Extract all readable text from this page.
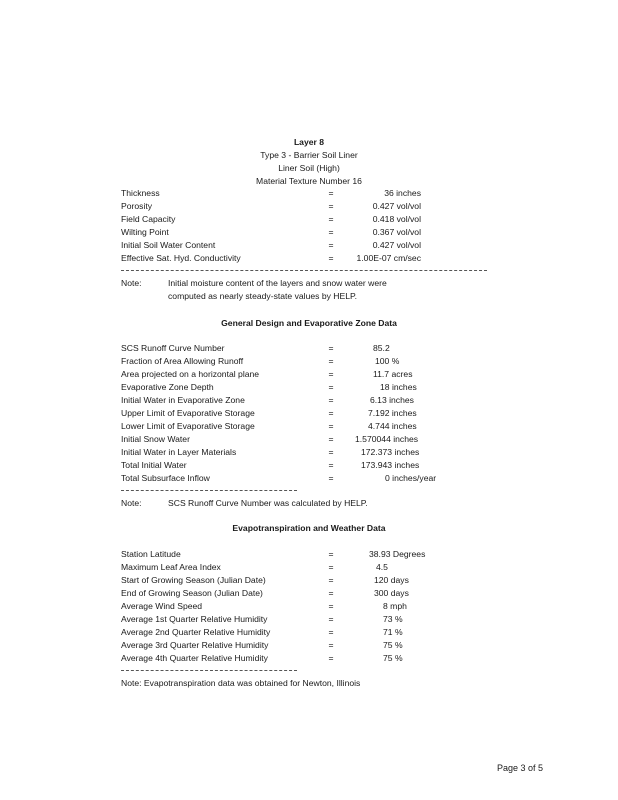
Layer 8
Type 3 - Barrier Soil Liner
Liner Soil (High)
Material Texture Number 16
Thickness	=	36 inches
Porosity	=	0.427 vol/vol
Field Capacity	=	0.418 vol/vol
Wilting Point	=	0.367 vol/vol
Initial Soil Water Content	=	0.427 vol/vol
Effective Sat. Hyd. Conductivity	=	1.00E-07 cm/sec
Note:	Initial moisture content of the layers and snow water were
computed as nearly steady-state values by HELP.
General Design and Evaporative Zone Data
SCS Runoff Curve Number	=	85.2
Fraction of Area Allowing Runoff	=	100 %
Area projected on a horizontal plane	=	11.7 acres
Evaporative Zone Depth	=	18 inches
Initial Water in Evaporative Zone	=	6.13 inches
Upper Limit of Evaporative Storage	=	7.192 inches
Lower Limit of Evaporative Storage	=	4.744 inches
Initial Snow Water	= 1.570044 inches
Initial Water in Layer Materials	=	172.373 inches
Total Initial Water	=	173.943 inches
Total Subsurface Inflow	=	0 inches/year
Note:	SCS Runoff Curve Number was calculated by HELP.
Evapotranspiration and Weather Data
Station Latitude	=	38.93 Degrees
Maximum Leaf Area Index	=	4.5
Start of Growing Season (Julian Date)	=	120 days
End of Growing Season (Julian Date)	=	300 days
Average Wind Speed	=	8 mph
Average 1st Quarter Relative Humidity	=	73 %
Average 2nd Quarter Relative Humidity	=	71 %
Average 3rd Quarter Relative Humidity	=	75 %
Average 4th Quarter Relative Humidity	=	75 %
Note: Evapotranspiration data was obtained for Newton, Illinois
Page 3 of 5
